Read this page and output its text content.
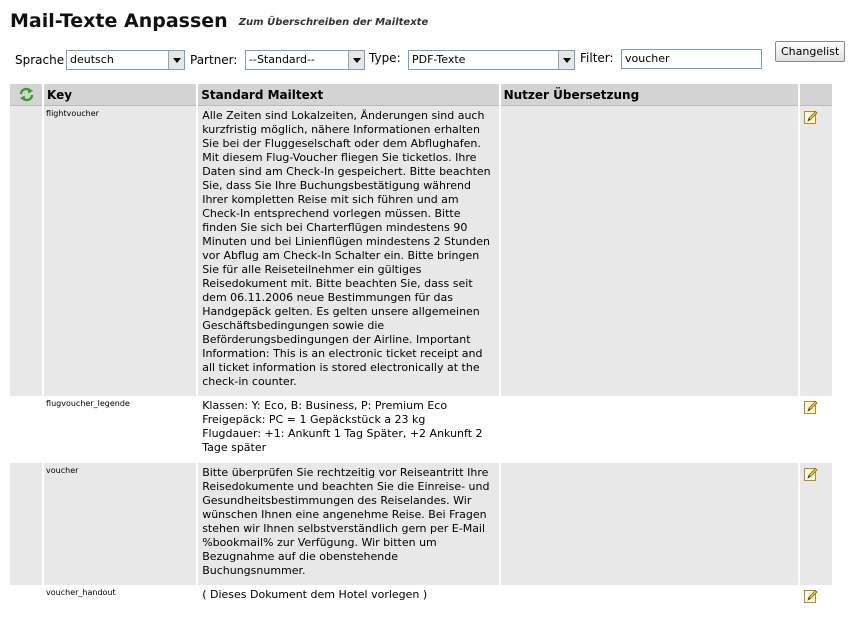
Mail-Texte Anpassen Zum Überschreiben der Mailtexte
Sprache deutsch	Partner:	--Standard--	Type:	PDF-Texte	Filter:	voucher
Changelist
	Key	Standard Mailtext	Nutzer Übersetzung	

	flightvoucher	Alle Zeiten sind Lokalzeiten, Änderungen sind auch kurzfristig möglich, nähere Informationen erhalten Sie bei der Fluggeselschaft oder dem Abflughafen. Mit diesem Flug-Voucher fliegen Sie ticketlos. Ihre Daten sind am Check-In gespeichert. Bitte beachten Sie, dass Sie Ihre Buchungsbestätigung während Ihrer kompletten Reise mit sich führen und am Check-In entsprechend vorlegen müssen. Bitte finden Sie sich bei Charterflügen mindestens 90 Minuten und bei Linienflügen mindestens 2 Stunden vor Abflug am Check-In Schalter ein. Bitte bringen Sie für alle Reiseteilnehmer ein gültiges Reisedokument mit. Bitte beachten Sie, dass seit dem 06.11.2006 neue Bestimmungen für das Handgepäck gelten. Es gelten unsere allgemeinen Geschäftsbedingungen sowie die Beförderungsbedingungen der Airline. Important Information: This is an electronic ticket receipt and all ticket information is stored electronically at the check-in counter.

	flugvoucher_legende	Klassen: Y: Eco, B: Business, P: Premium Eco
Freigepäck: PC = 1 Gepäckstück a 23 kg
Flugdauer: +1: Ankunft 1 Tag Später, +2 Ankunft 2 Tage später

	voucher	Bitte überprüfen Sie rechtzeitig vor Reiseantritt Ihre Reisedokumente und beachten Sie die Einreise- und Gesundheitsbestimmungen des Reiselandes. Wir wünschen Ihnen eine angenehme Reise. Bei Fragen stehen wir Ihnen selbstverständlich gern per E-Mail %bookmail% zur Verfügung. Wir bitten um Bezugnahme auf die obenstehende Buchungsnummer.

	voucher_handout	( Dieses Dokument dem Hotel vorlegen )
